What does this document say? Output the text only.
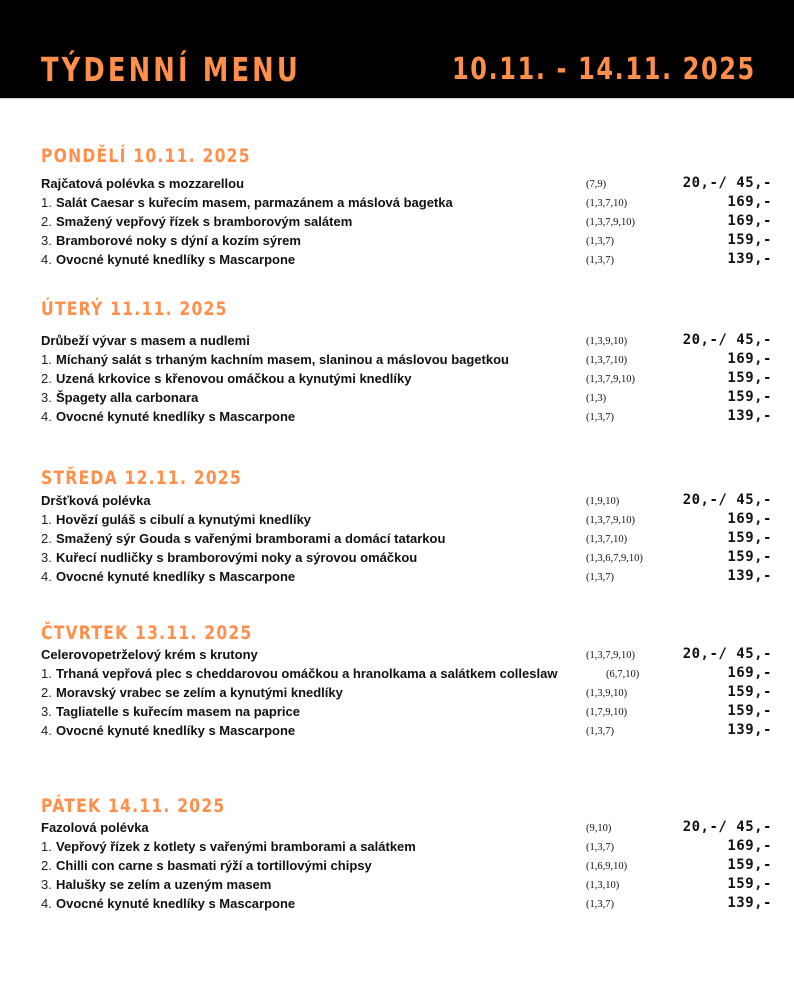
TÝDENNÍ MENU	10.11. - 14.11. 2025
PONDĚLÍ 10.11. 2025
Rajčatová polévka s mozzarellou	(7,9)	20,-/ 45,-
1. Salát Caesar s kuřecím masem, parmazánem a máslová bagetka	(1,3,7,10)	169,-
2. Smažený vepřový řízek s bramborovým salátem	(1,3,7,9,10)	169,-
3. Bramborové noky s dýní a kozím sýrem	(1,3,7)	159,-
4. Ovocné kynuté knedlíky s Mascarpone	(1,3,7)	139,-
ÚTERÝ 11.11. 2025
Drůbeží vývar s masem a nudlemi	(1,3,9,10)	20,-/ 45,-
1. Míchaný salát s trhaným kachním masem, slaninou a máslovou bagetkou	(1,3,7,10)	169,-
2. Uzená krkovice s křenovou omáčkou a kynutými knedlíky	(1,3,7,9,10)	159,-
3. Špagety alla carbonara	(1,3)	159,-
4. Ovocné kynuté knedlíky s Mascarpone	(1,3,7)	139,-
STŘEDA 12.11. 2025
Dršťková polévka	(1,9,10)	20,-/ 45,-
1. Hovězí guláš s cibulí a kynutými knedlíky	(1,3,7,9,10)	169,-
2. Smažený sýr Gouda s vařenými bramborami a domácí tatarkou	(1,3,7,10)	159,-
3. Kuřecí nudličky s bramborovými noky a sýrovou omáčkou	(1,3,6,7,9,10)	159,-
4. Ovocné kynuté knedlíky s Mascarpone	(1,3,7)	139,-
ČTVRTEK 13.11. 2025
Celerovopetrželový krém s krutony	(1,3,7,9,10)	20,-/ 45,-
1. Trhaná vepřová plec s cheddarovou omáčkou a hranolkama a salátkem colleslaw	(6,7,10)	169,-
2. Moravský vrabec se zelím a kynutými knedlíky	(1,3,9,10)	159,-
3. Tagliatelle s kuřecím masem na paprice	(1,7,9,10)	159,-
4. Ovocné kynuté knedlíky s Mascarpone	(1,3,7)	139,-
PÁTEK 14.11. 2025
Fazolová polévka	(9,10)	20,-/ 45,-
1. Vepřový řízek z kotlety s vařenými bramborami a salátkem	(1,3,7)	169,-
2. Chilli con carne s basmati rýží a tortillovými chipsy	(1,6,9,10)	159,-
3. Halušky se zelím a uzeným masem	(1,3,10)	159,-
4. Ovocné kynuté knedlíky s Mascarpone	(1,3,7)	139,-
